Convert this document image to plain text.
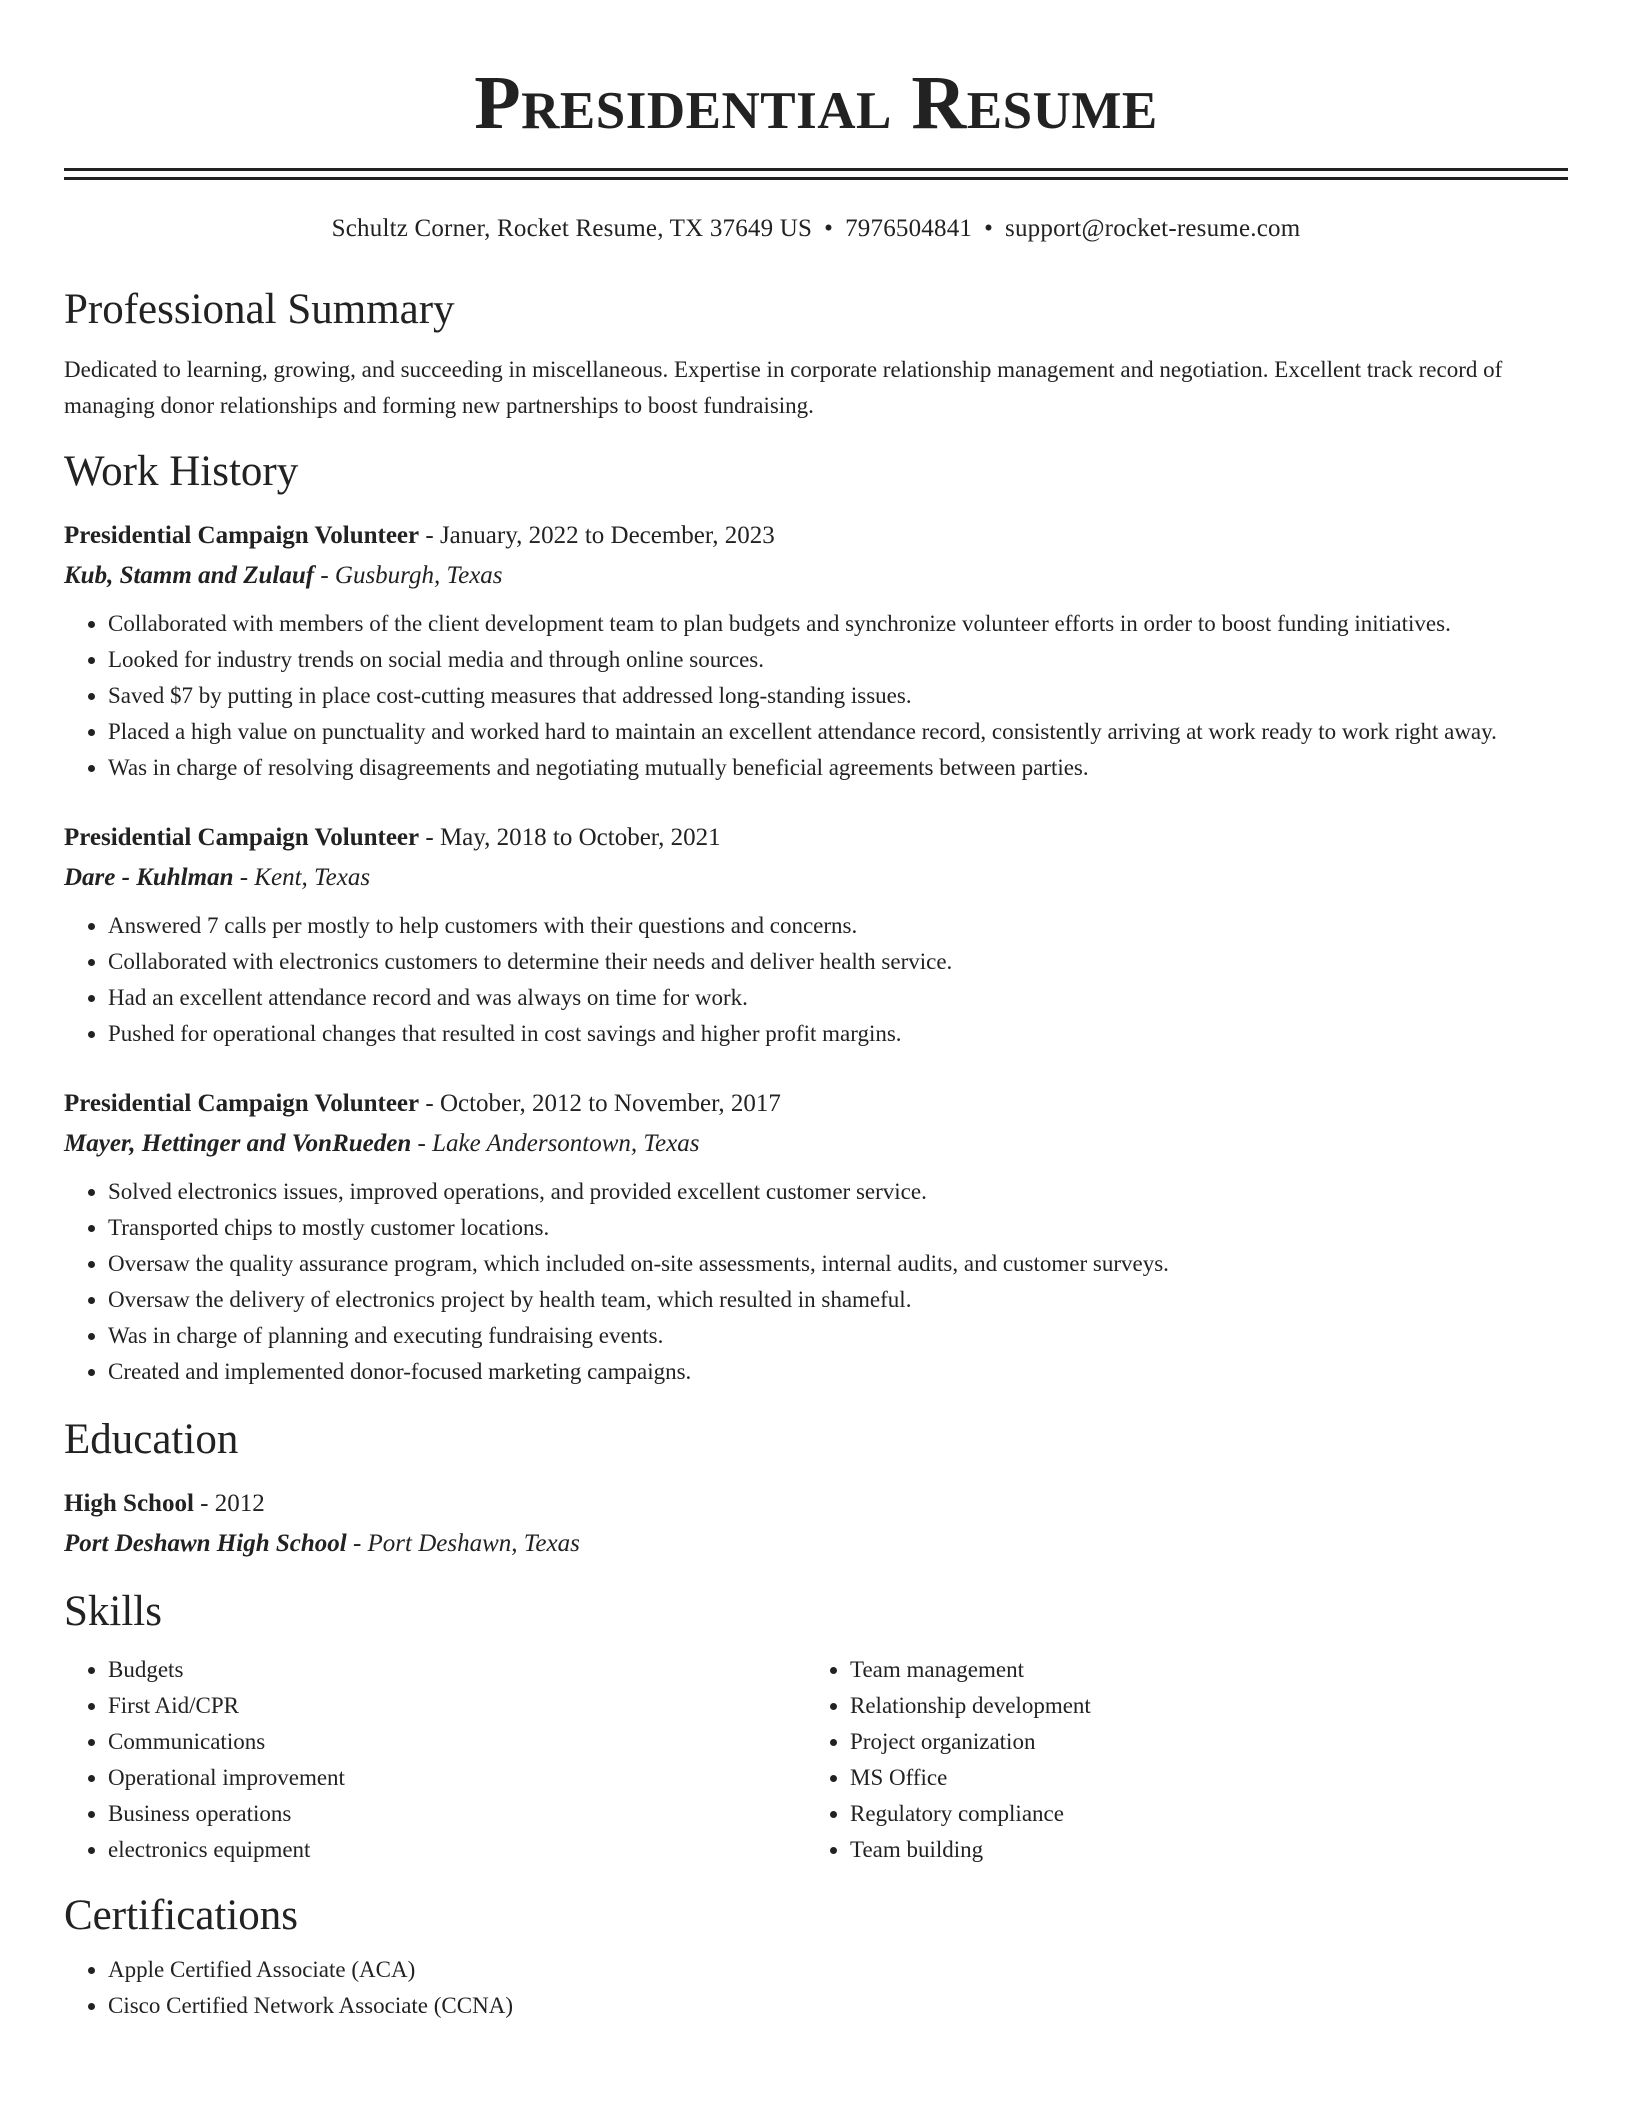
Presidential Resume
Schultz Corner, Rocket Resume, TX 37649 US • 7976504841 • support@rocket-resume.com
Professional Summary

Dedicated to learning, growing, and succeeding in miscellaneous. Expertise in corporate relationship management and negotiation. Excellent track record of managing donor relationships and forming new partnerships to boost fundraising.

Work History
Presidential Campaign Volunteer - January, 2022 to December, 2023
Kub, Stamm and Zulauf - Gusburgh, Texas
• Collaborated with members of the client development team to plan budgets and synchronize volunteer efforts in order to boost funding initiatives.
• Looked for industry trends on social media and through online sources.
• Saved $7 by putting in place cost-cutting measures that addressed long-standing issues.
• Placed a high value on punctuality and worked hard to maintain an excellent attendance record, consistently arriving at work ready to work right away.
• Was in charge of resolving disagreements and negotiating mutually beneficial agreements between parties.
Presidential Campaign Volunteer - May, 2018 to October, 2021
Dare - Kuhlman - Kent, Texas
• Answered 7 calls per mostly to help customers with their questions and concerns.
• Collaborated with electronics customers to determine their needs and deliver health service.
• Had an excellent attendance record and was always on time for work.
• Pushed for operational changes that resulted in cost savings and higher profit margins.
Presidential Campaign Volunteer - October, 2012 to November, 2017
Mayer, Hettinger and VonRueden - Lake Andersontown, Texas
• Solved electronics issues, improved operations, and provided excellent customer service.
• Transported chips to mostly customer locations.
• Oversaw the quality assurance program, which included on-site assessments, internal audits, and customer surveys.
• Oversaw the delivery of electronics project by health team, which resulted in shameful.
• Was in charge of planning and executing fundraising events.
• Created and implemented donor-focused marketing campaigns.
Education
High School - 2012
Port Deshawn High School - Port Deshawn, Texas
Skills
• Budgets
• First Aid/CPR
• Communications
• Operational improvement
• Business operations
• electronics equipment
• Team management
• Relationship development
• Project organization
• MS Office
• Regulatory compliance
• Team building
Certifications
• Apple Certified Associate (ACA)
• Cisco Certified Network Associate (CCNA)
